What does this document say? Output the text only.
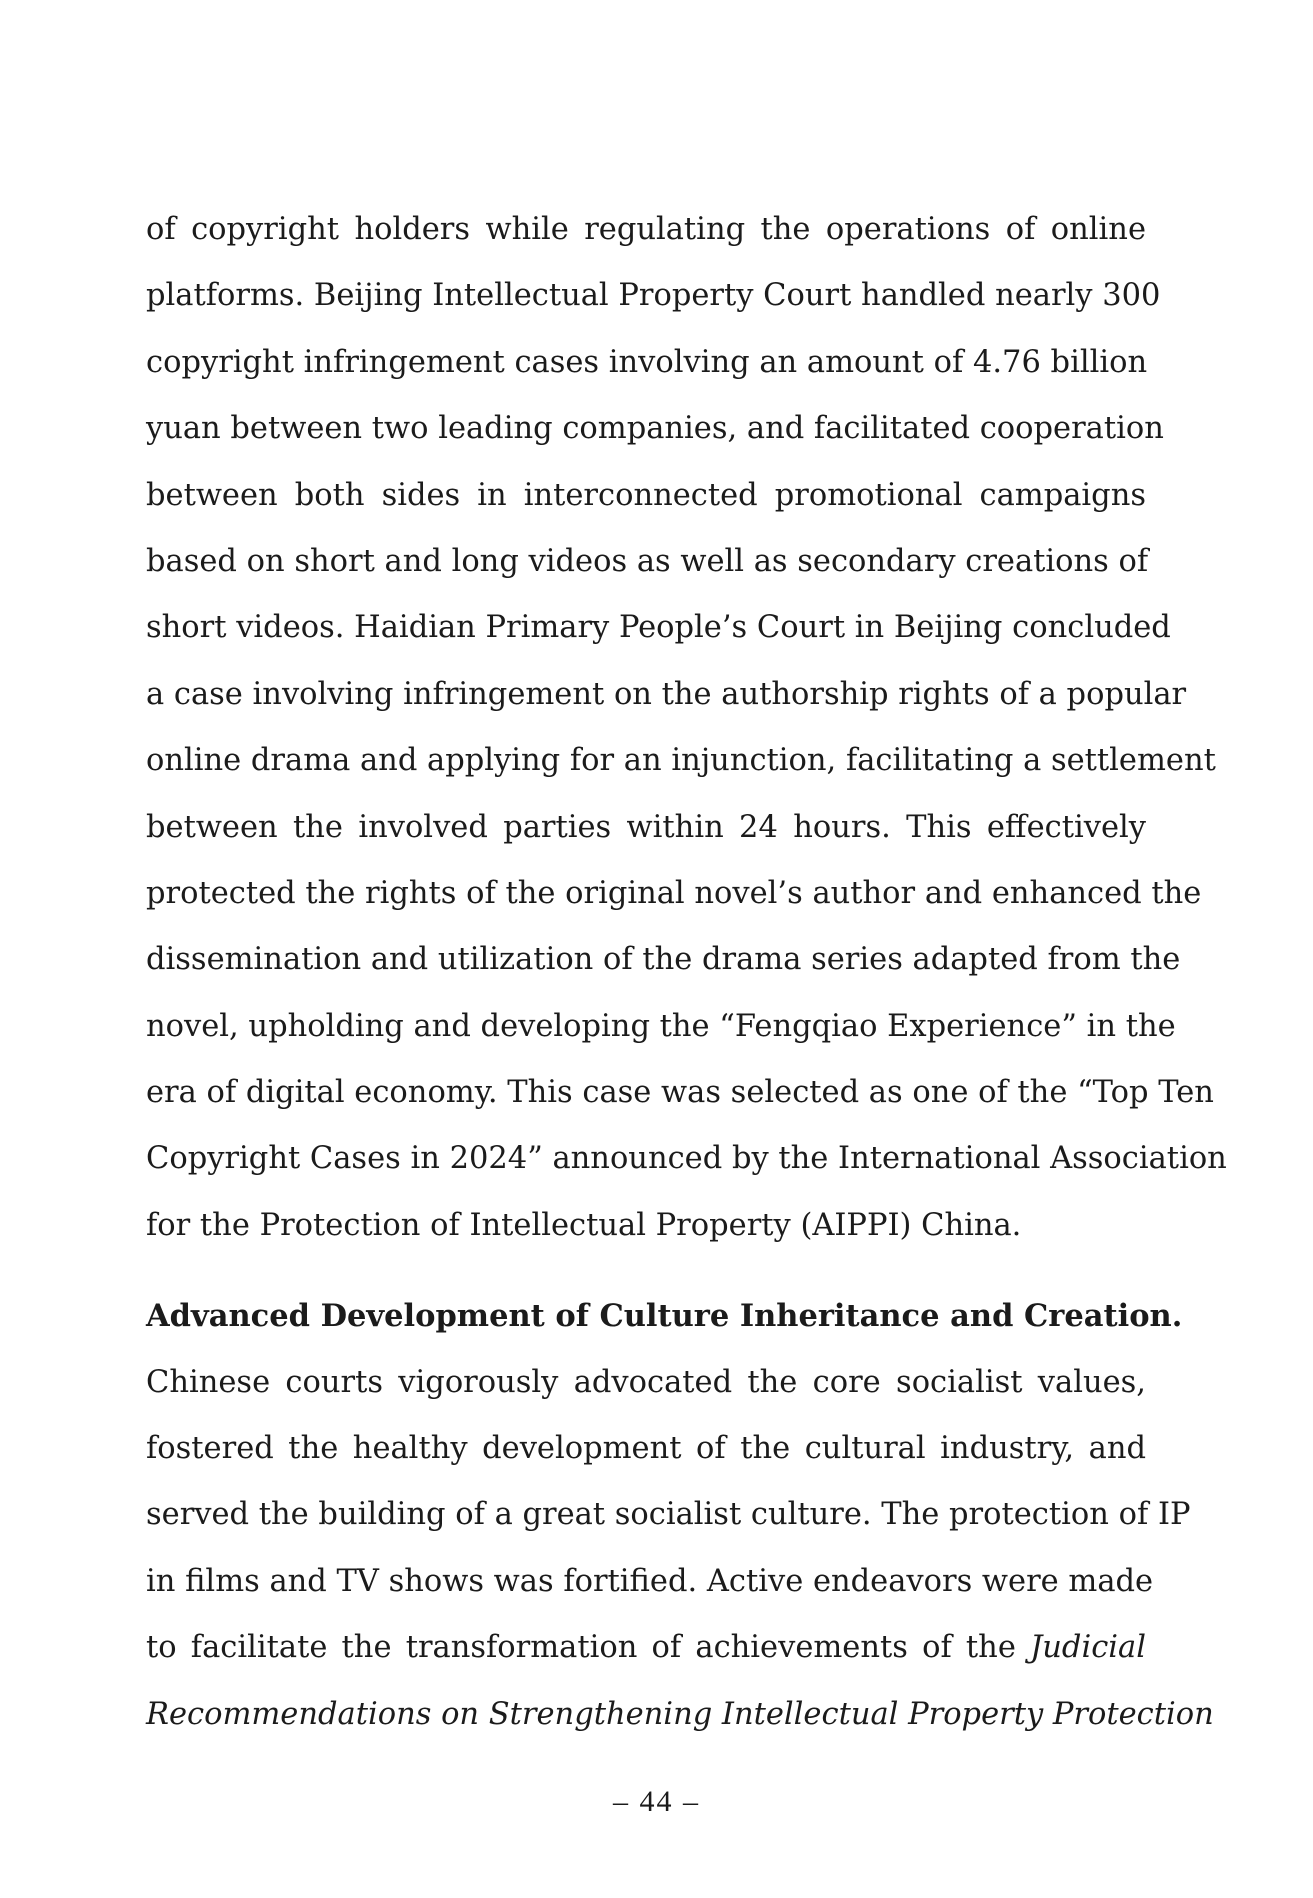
of copyright holders while regulating the operations of online
platforms. Beijing Intellectual Property Court handled nearly 300
copyright infringement cases involving an amount of 4.76 billion
yuan between two leading companies, and facilitated cooperation
between both sides in interconnected promotional campaigns
based on short and long videos as well as secondary creations of
short videos. Haidian Primary People’s Court in Beijing concluded
a case involving infringement on the authorship rights of a popular
online drama and applying for an injunction, facilitating a settlement
between the involved parties within 24 hours. This effectively
protected the rights of the original novel’s author and enhanced the
dissemination and utilization of the drama series adapted from the
novel, upholding and developing the “Fengqiao Experience” in the
era of digital economy. This case was selected as one of the “Top Ten
Copyright Cases in 2024” announced by the International Association
for the Protection of Intellectual Property (AIPPI) China.
Advanced Development of Culture Inheritance and Creation.
Chinese courts vigorously advocated the core socialist values,
fostered the healthy development of the cultural industry, and
served the building of a great socialist culture. The protection of IP
in films and TV shows was fortified. Active endeavors were made
to facilitate the transformation of achievements of the Judicial
Recommendations on Strengthening Intellectual Property Protection
– 44 –
